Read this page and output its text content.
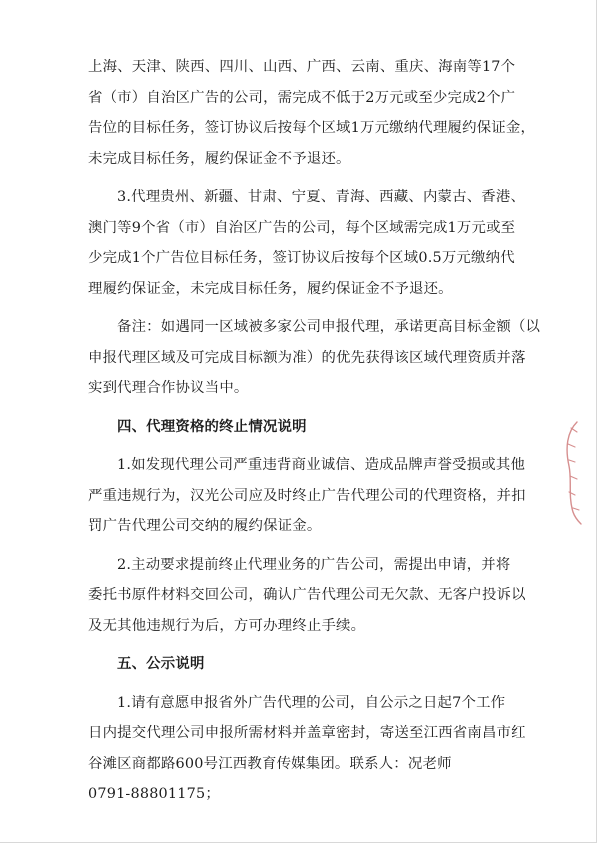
上海、天津、陕西、四川、山西、广西、云南、重庆、海南等17个
省（市）自治区广告的公司，需完成不低于2万元或至少完成2个广
告位的目标任务，签订协议后按每个区域1万元缴纳代理履约保证金，
未完成目标任务，履约保证金不予退还。
3.代理贵州、新疆、甘肃、宁夏、青海、西藏、内蒙古、香港、
澳门等9个省（市）自治区广告的公司，每个区域需完成1万元或至
少完成1个广告位目标任务，签订协议后按每个区域0.5万元缴纳代
理履约保证金，未完成目标任务，履约保证金不予退还。
备注：如遇同一区域被多家公司申报代理，承诺更高目标金额（以
申报代理区域及可完成目标额为准）的优先获得该区域代理资质并落
实到代理合作协议当中。
四、代理资格的终止情况说明
1.如发现代理公司严重违背商业诚信、造成品牌声誉受损或其他
严重违规行为，汉光公司应及时终止广告代理公司的代理资格，并扣
罚广告代理公司交纳的履约保证金。
2.主动要求提前终止代理业务的广告公司，需提出申请，并将
委托书原件材料交回公司，确认广告代理公司无欠款、无客户投诉以
及无其他违规行为后，方可办理终止手续。
五、公示说明
1.请有意愿申报省外广告代理的公司，自公示之日起7个工作
日内提交代理公司申报所需材料并盖章密封，寄送至江西省南昌市红
谷滩区商都路600号江西教育传媒集团。联系人：况老师
0791-88801175；
